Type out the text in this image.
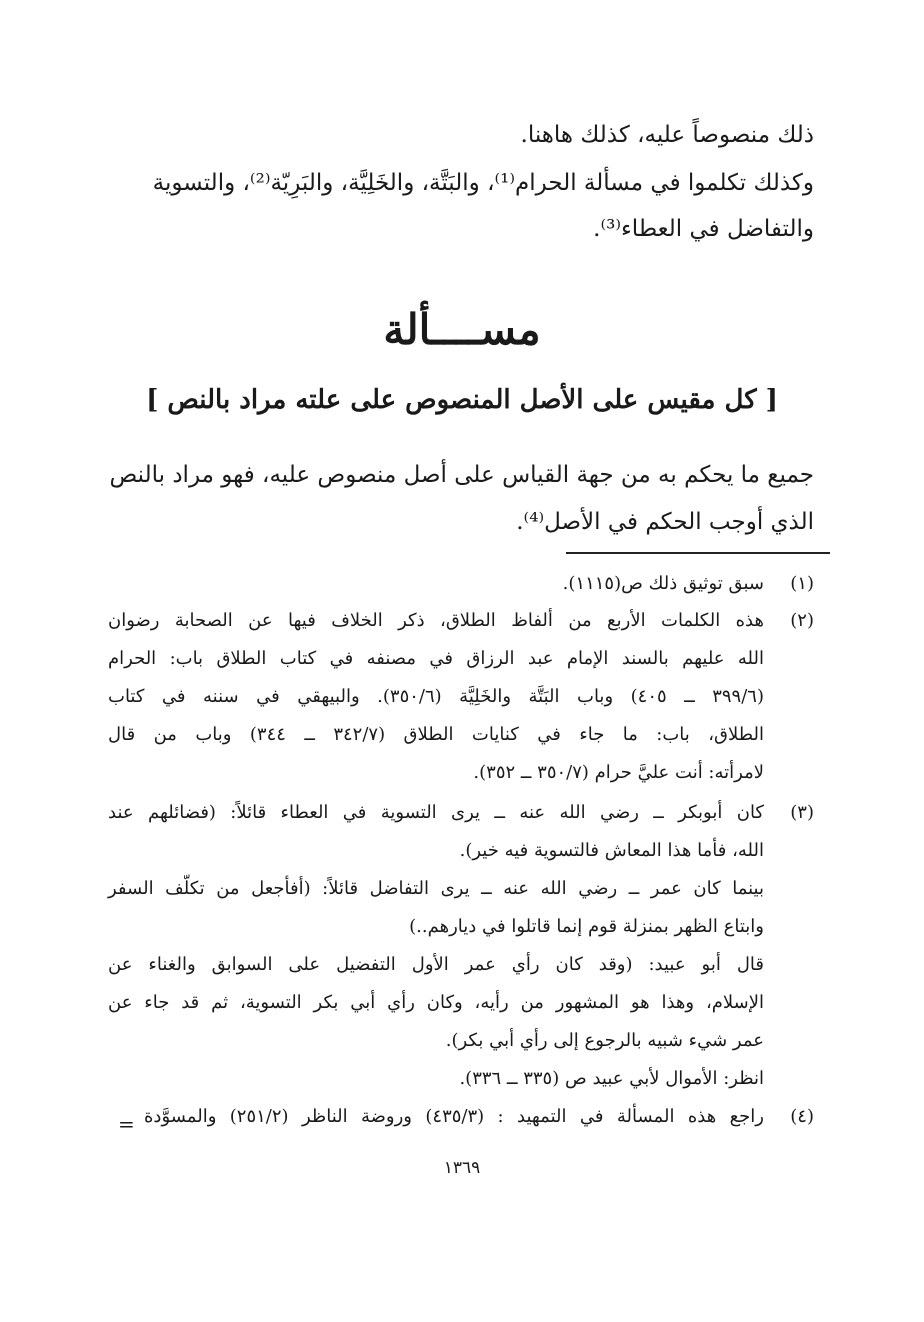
ذلك منصوصاً عليه، كذلك هاهنا.
وكذلك تكلموا في مسألة الحرام⁽¹⁾، والبَتَّة، والخَلِيَّة، والبَرِيّة⁽²⁾، والتسوية
والتفاضل في العطاء⁽³⁾.
مســــألة
[ كل مقيس على الأصل المنصوص على علته مراد بالنص ]
جميع ما يحكم به من جهة القياس على أصل منصوص عليه، فهو مراد بالنص
الذي أوجب الحكم في الأصل⁽⁴⁾.
(١)
سبق توثيق ذلك ص(١١١٥).
(٢)
هذه الكلمات الأربع من ألفاظ الطلاق، ذكر الخلاف فيها عن الصحابة رضوان
الله عليهم بالسند الإمام عبد الرزاق في مصنفه في كتاب الطلاق باب: الحرام
(٣٩٩/٦ ــ ٤٠٥) وباب البَتَّة والخَلِيَّة (٣٥٠/٦). والبيهقي في سننه في كتاب
الطلاق، باب: ما جاء في كنايات الطلاق (٣٤٢/٧ ــ ٣٤٤) وباب من قال
لامرأته: أنت عليَّ حرام (٣٥٠/٧ ــ ٣٥٢).
(٣)
كان أبوبكر ــ رضي الله عنه ــ يرى التسوية في العطاء قائلاً: (فضائلهم عند
الله، فأما هذا المعاش فالتسوية فيه خير).
بينما كان عمر ــ رضي الله عنه ــ يرى التفاضل قائلاً: (أفأجعل من تكلّف السفر
وابتاع الظهر بمنزلة قوم إنما قاتلوا في ديارهم..)
قال أبو عبيد: (وقد كان رأي عمر الأول التفضيل على السوابق والغناء عن
الإسلام، وهذا هو المشهور من رأيه، وكان رأي أبي بكر التسوية، ثم قد جاء عن
عمر شيء شبيه بالرجوع إلى رأي أبي بكر).
انظر: الأموال لأبي عبيد ص (٣٣٥ ــ ٣٣٦).
(٤)
راجع هذه المسألة في التمهيد : (٤٣٥/٣) وروضة الناظر (٢٥١/٢) والمسوَّدة
=
١٣٦٩
